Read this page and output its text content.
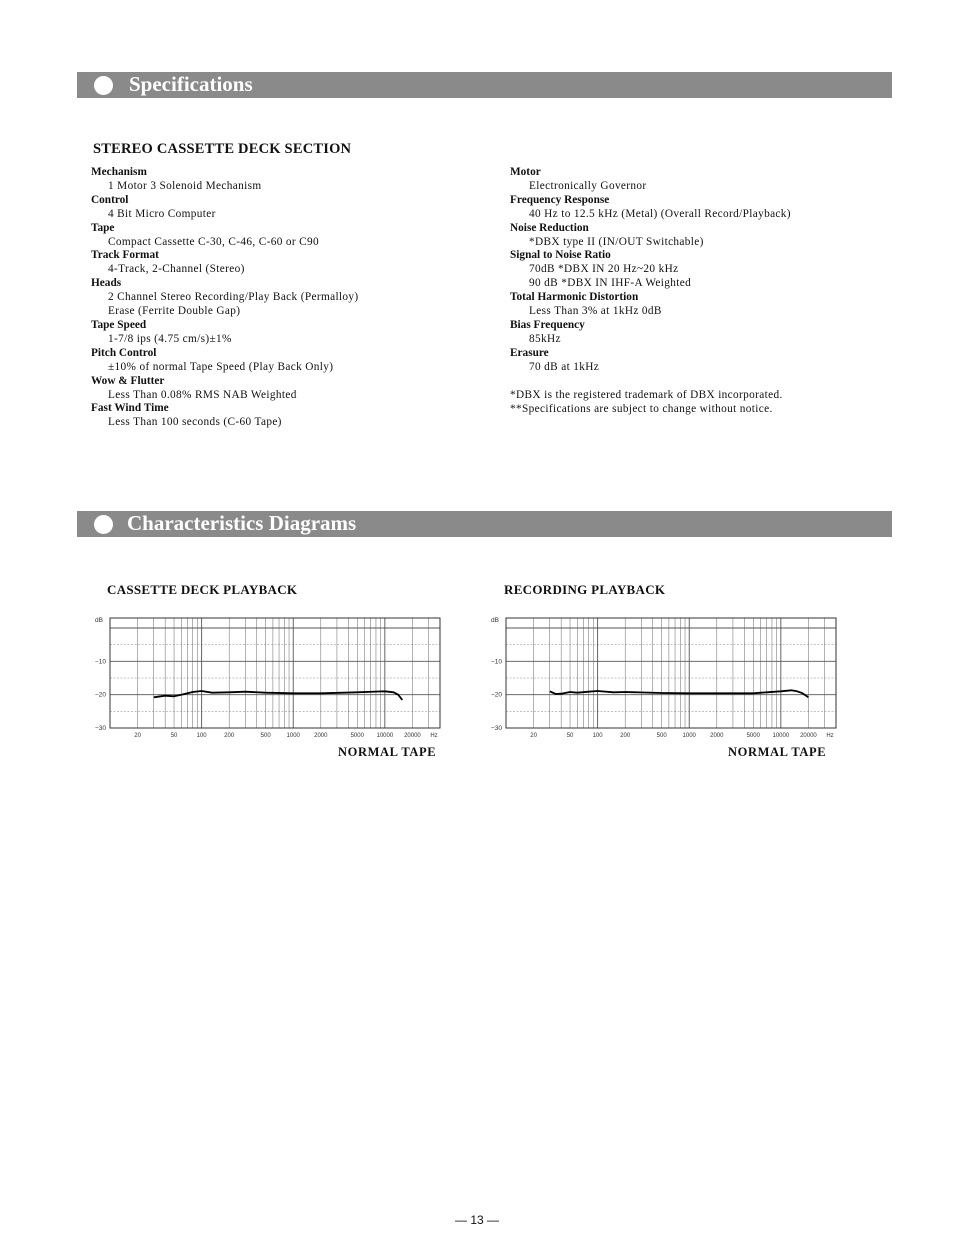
Specifications
STEREO CASSETTE DECK SECTION
Mechanism
1 Motor 3 Solenoid Mechanism
Control
4 Bit Micro Computer
Tape
Compact Cassette C-30, C-46, C-60 or C90
Track Format
4-Track, 2-Channel (Stereo)
Heads
2 Channel Stereo Recording/Play Back (Permalloy)
Erase (Ferrite Double Gap)
Tape Speed
1-7/8 ips (4.75 cm/s)±1%
Pitch Control
±10% of normal Tape Speed (Play Back Only)
Wow & Flutter
Less Than 0.08% RMS NAB Weighted
Fast Wind Time
Less Than 100 seconds (C-60 Tape)
Motor
Electronically Governor
Frequency Response
40 Hz to 12.5 kHz (Metal) (Overall Record/Playback)
Noise Reduction
*DBX type II (IN/OUT Switchable)
Signal to Noise Ratio
70dB *DBX IN 20 Hz~20 kHz
90 dB *DBX IN IHF-A Weighted
Total Harmonic Distortion
Less Than 3% at 1kHz 0dB
Bias Frequency
85kHz
Erasure
70 dB at 1kHz
*DBX is the registered trademark of DBX incorporated.
**Specifications are subject to change without notice.
Characteristics Diagrams
CASSETTE DECK PLAYBACK	RECORDING PLAYBACK
dB
−10
−20
−30
20	50	100	200	500	1000 2000	5000 10000 20000 Hz
dB
−10
−20
−30
20	50	100	200	500	1000 2000	5000 10000 20000 Hz
NORMAL TAPE	NORMAL TAPE
— 13 —
